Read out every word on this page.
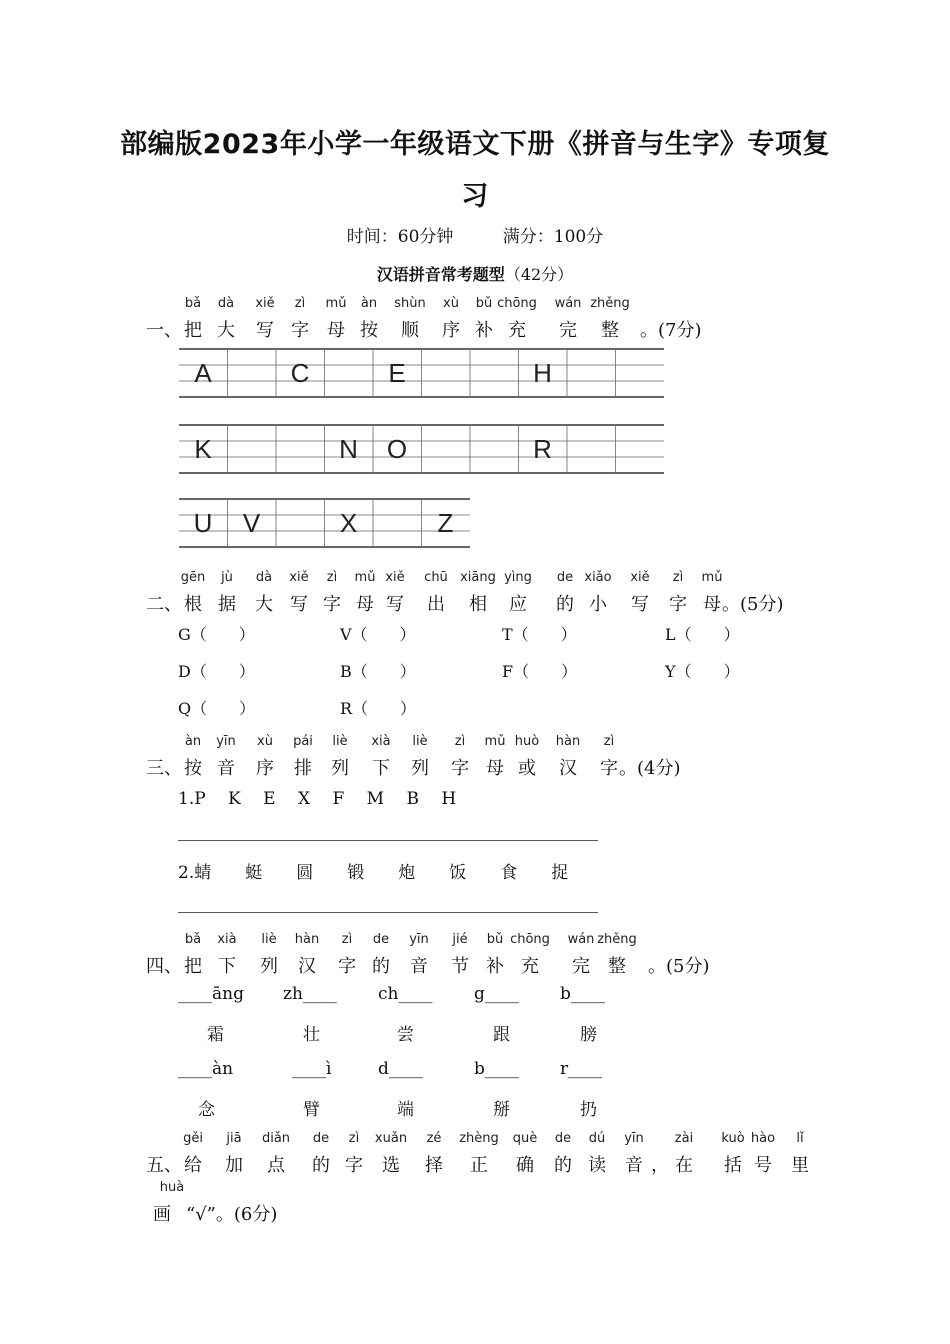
部编版2023年小学一年级语文下册《拼音与生字》专项复
习
时间：60分钟	满分：100分
汉语拼音常考题型（42分）
一、 把
bǎ
大
dà
写
xiě
字
zì
母
mǔ
按
àn
顺
shùn
序
xù
补
bǔ
充
chōng
完
wán
整
zhěng
。(7分)
A	C	E	H
K	N O	R
U V	X	Z
二、 根
gēn
据
jù
大
dà
写
xiě
字
zì
母
mǔ
写
xiě
出
chū
相
xiāng
应
yìng
的
de
小
xiǎo
写
xiě
字
zì
母
mǔ
。(5分)
G（　　）	V（　　）	T（　　）	L（　　）
D（　　）	B（　　）	F（　　）	Y（　　）
Q（　　）	R（　　）
三、 按
àn
音
yīn
序
xù
排
pái
列
liè
下
xià
列
liè
字
zì
母
mǔ
或
huò
汉
hàn
字
zì
。(4分)
1.P　 K　 E　 X　 F　 M　 B　 H
2.蜻　　蜓　　圆　　锻　　炮　　饭　　食　　捉
四、 把
bǎ
下
xià
列
liè
汉
hàn
字
zì
的
de
音
yīn
节
jié
补
bǔ
充
chōng
完
wán
整
zhěng
。(5分)
____āng zh____ ch____ g____ b____
霜	壮	尝	跟	膀
____àn	____ì	d____	b____ r____
念	臂	端	掰	扔
五、 给
gěi
加
jiā
点
diǎn
的
de
字
zì
选
xuǎn
择
zé
正
zhèng
确
què
的
de
读
dú
音
yīn
， 在
zài
括
kuò
号
hào
里
lǐ
huà
画 “√”。(6分)
